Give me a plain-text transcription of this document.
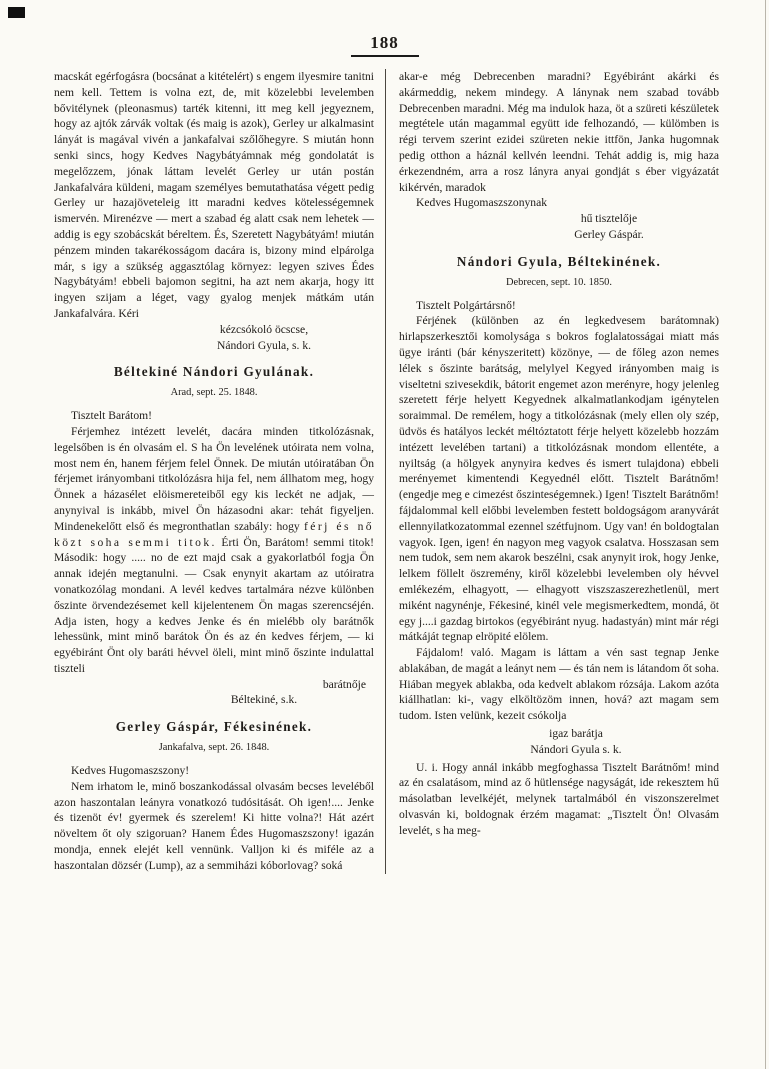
188

macskát egérfogásra (bocsánat a kitételért) s engem ilyesmire tanitni nem kell. Tettem is volna ezt, de, mit közelebbi levelemben bővitélynek (pleonasmus) tarték kitenni, itt meg kell jegyeznem, hogy az ajtók zárvák voltak (és maig is azok), Gerley ur alkalmasint lányát is magával vivén a jankafalvai szőlőhegyre. S miután honn senki sincs, hogy Kedves Nagybátyámnak még gondolatát is megelőzzem, jónak láttam levelét Gerley ur után postán Jankafalvára küldeni, magam személyes bemutathatása végett pedig Gerley ur hazajöveteleig itt maradni kedves kötelességemnek ismervén. Mirenézve — mert a szabad ég alatt csak nem lehetek — addig is egy szobácskát béreltem. És, Szeretett Nagybátyám! miután pénzem minden takarékosságom dacára is, bizony mind elpárolga már, s igy a szükség aggasztólag környez: legyen szives Édes Nagybátyám! ebbeli bajomon segitni, ha azt nem akarja, hogy itt ingyen szijam a léget, vagy gyalog menjek mátkám után Jankafalvára. Kéri

kézcsókoló öcscse,
Nándori Gyula, s. k.
Béltekiné Nándori Gyulának.
Arad, sept. 25. 1848.

Tisztelt Barátom!

Férjemhez intézett levelét, dacára minden titkolózásnak, legelsőben is én olvasám el. S ha Ön levelének utóirata nem volna, most nem én, hanem férjem felel Önnek. De miután utóiratában Ön férjemet irányombani titkolózásra hija fel, nem állhatom meg, hogy Önnek a házasélet elöismereteiből egy kis leckét ne adjak, — anynyival is inkább, mivel Ön házasodni akar: tehát figyeljen. Mindenekelőtt első és megronthatlan szabály: hogy férj és nő közt soha semmi titok. Érti Ön, Barátom! semmi titok! Második: hogy ..... no de ezt majd csak a gyakorlatból fogja Ön annak idején megtanulni. — Csak enynyit akartam az utóiratra vonatkozólag mondani. A levél kedves tartalmára nézve különben őszinte örvendezésemet kell kijelentenem Ön magas szerencséjén. Adja isten, hogy a kedves Jenke és én mielébb oly barátnők lehessünk, mint minő barátok Ön és az én kedves férjem, — ki egyébiránt Önt oly baráti hévvel öleli, mint minő őszinte indulattal tiszteli

barátnője
Béltekiné, s.k.
Gerley Gáspár, Fékesinének.
Jankafalva, sept. 26. 1848.

Kedves Hugomaszszony!

Nem irhatom le, minő boszankodással olvasám becses leveléből azon haszontalan leányra vonatkozó tudósitását. Oh igen!.... Jenke és tizenöt év! gyermek és szerelem! Ki hitte volna?! Hát azért növeltem őt oly szigoruan? Hanem Édes Hugomaszszony! igazán mondja, ennek elejét kell vennünk. Valljon ki és miféle az a haszontalan dözsér (Lump), az a semmiházi kóborlovag? soká

akar-e még Debrecenben maradni? Egyébiránt akárki és akármeddig, nekem mindegy. A lánynak nem szabad tovább Debrecenben maradni. Még ma indulok haza, öt a szüreti készületek megtétele után magammal együtt ide felhozandó, — külömben is régi tervem szerint ezidei szüreten nekie ittfön, Janka hugomnak pedig otthon a háznál kellvén leendni. Tehát addig is, mig haza érkezendném, arra a rosz lányra anyai gondját s éber vigyázatát kikérvén, maradok

Kedves Hugomaszszonynak

hű tisztelője
Gerley Gáspár.
Nándori Gyula, Béltekinének.
Debrecen, sept. 10. 1850.

Tisztelt Polgártársnő!

Férjének (különben az én legkedvesem barátomnak) hirlapszerkesztői komolysága s bokros foglalatosságai miatt más ügye iránti (bár kényszeritett) közönye, — de főleg azon nemes lélek s őszinte barátság, melylyel Kegyed irányomben maig is viseltetni szivesekdik, bátorit engemet azon merényre, hogy jelenleg szeretett férje helyett Kegyednek alkalmatlankodjam igénytelen soraimmal. De remélem, hogy a titkolózásnak (mely ellen oly szép, üdvös és hatályos leckét méltóztatott férje helyett közelebb hozzám intézett levelében tartani) a titkolózásnak mondom ellentéte, a nyiltság (a hölgyek anynyira kedves és ismert tulajdona) ebbeli merényemet kimentendi Kegyednél előtt. Tisztelt Barátnőm! (engedje meg e cimezést őszinteségemnek.) Igen! Tisztelt Barátnőm! fájdalommal kell előbbi levelemben festett boldogságom aranyvárát ellennyilatkozatommal ezennel szétfujnom. Ugy van! én boldogtalan vagyok. Igen, igen! én nagyon meg vagyok csalatva. Hosszasan sem nem tudok, sem nem akarok beszélni, csak anynyit irok, hogy Jenke, lelkem föllelt öszremény, kiről közelebbi levelemben oly hévvel emlékezém, elhagyott, — elhagyott viszszaszerezhetlenül, mert miként nagynénje, Fékesiné, kinél vele megismerkedtem, mondá, öt egy j....i gazdag birtokos (egyébiránt nyug. hadastyán) mint már régi mátkáját tegnap elröpité elölem.

Fájdalom! való. Magam is láttam a vén sast tegnap Jenke ablakában, de magát a leányt nem — és tán nem is látandom őt soha. Hiában megyek ablakba, oda kedvelt ablakom rózsája. Lakom azóta kiállhatlan: ki-, vagy elköltözöm innen, hová? azt magam sem tudom. Isten velünk, kezeit csókolja

igaz barátja
Nándori Gyula s. k.

U. i. Hogy annál inkább megfoghassa Tisztelt Barátnőm! mind az én csalatásom, mind az ő hütlensége nagyságát, ide rekesztem hű másolatban levelkéjét, melynek tartalmából én viszonszerelmet olvasván ki, boldognak érzém magamat: „Tisztelt Ön! Olvasám levelét, s ha meg-
